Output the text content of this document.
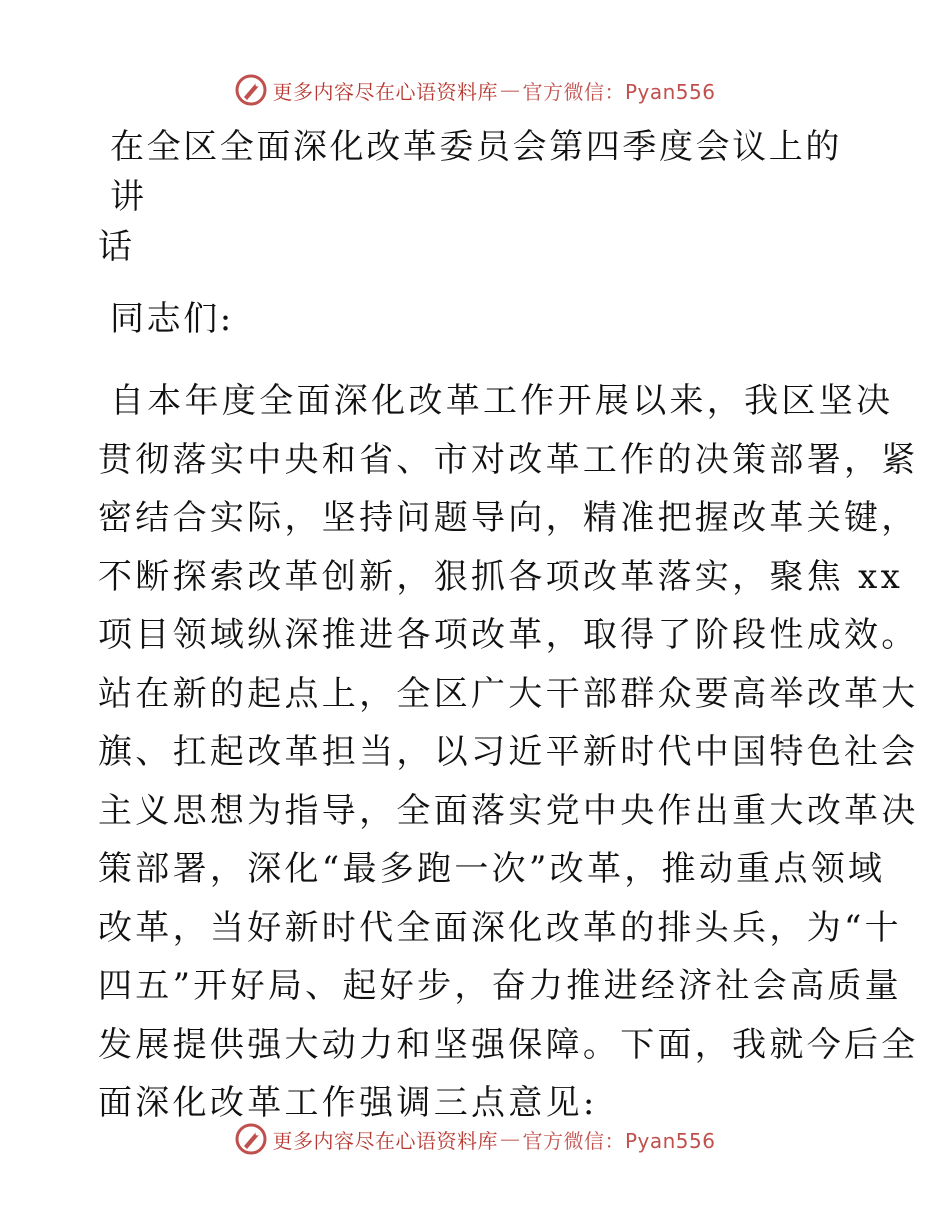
更多内容尽在心语资料库 — 官方微信：Pyan556
在全区全面深化改革委员会第四季度会议上的讲
话
同志们:
自本年度全面深化改革工作开展以来，我区坚决
贯彻落实中央和省、市对改革工作的决策部署，紧
密结合实际，坚持问题导向，精准把握改革关键，
不断探索改革创新，狠抓各项改革落实，聚焦 xx
项目领域纵深推进各项改革，取得了阶段性成效。
站在新的起点上，全区广大干部群众要高举改革大
旗、扛起改革担当，以习近平新时代中国特色社会
主义思想为指导，全面落实党中央作出重大改革决
策部署，深化“最多跑一次”改革，推动重点领域
改革，当好新时代全面深化改革的排头兵，为“十
四五”开好局、起好步，奋力推进经济社会高质量
发展提供强大动力和坚强保障。下面，我就今后全
面深化改革工作强调三点意见:
更多内容尽在心语资料库 — 官方微信：Pyan556
